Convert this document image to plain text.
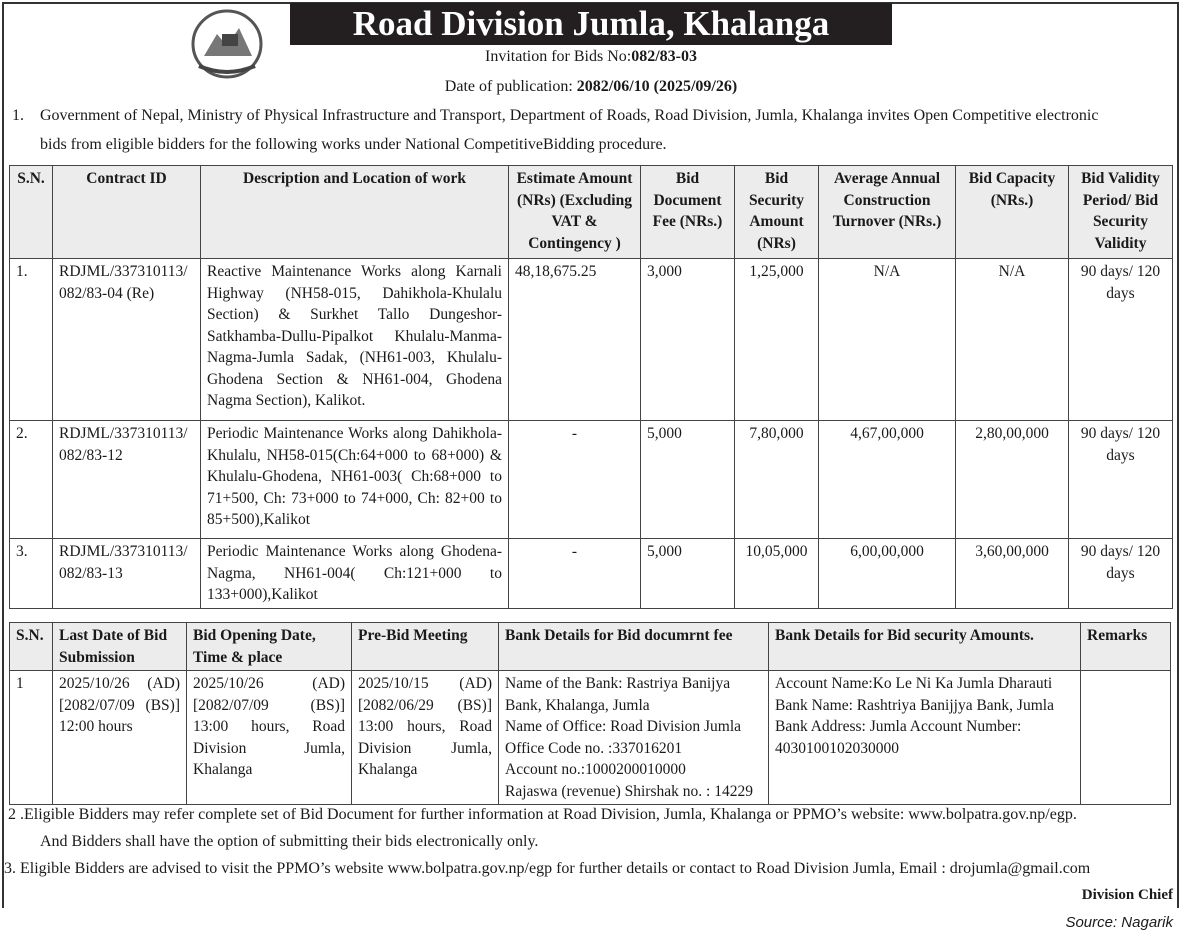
Road Division Jumla, Khalanga
Invitation for Bids No:082/83-03
Date of publication: 2082/06/10 (2025/09/26)
1. Government of Nepal, Ministry of Physical Infrastructure and Transport, Department of Roads, Road Division, Jumla, Khalanga invites Open Competitive electronic
bids from eligible bidders for the following works under National CompetitiveBidding procedure.
S.N.	Contract ID	Description and Location of work	Estimate Amount (NRs) (Excluding VAT & Contingency )	Bid Document Fee (NRs.)	Bid Security Amount (NRs)	Average Annual Construction Turnover (NRs.)	Bid Capacity (NRs.)	Bid Validity Period/ Bid Security Validity
1.	RDJML/337310113/ 082/83-04 (Re)	Reactive Maintenance Works along Karnali Highway (NH58-015, Dahikhola-Khulalu Section) & Surkhet Tallo Dungeshor-Satkhamba-Dullu-Pipalkot Khulalu-Manma-Nagma-Jumla Sadak, (NH61-003, Khulalu-Ghodena Section & NH61-004, Ghodena Nagma Section), Kalikot.	48,18,675.25	3,000	1,25,000	N/A	N/A	90 days/ 120 days
2.	RDJML/337310113/ 082/83-12	Periodic Maintenance Works along Dahikhola-Khulalu, NH58-015(Ch:64+000 to 68+000) & Khulalu-Ghodena, NH61-003( Ch:68+000 to 71+500, Ch: 73+000 to 74+000, Ch: 82+00 to 85+500),Kalikot	-	5,000	7,80,000	4,67,00,000	2,80,00,000	90 days/ 120 days
3.	RDJML/337310113/ 082/83-13	Periodic Maintenance Works along Ghodena-Nagma, NH61-004( Ch:121+000 to 133+000),Kalikot	-	5,000	10,05,000	6,00,00,000	3,60,00,000	90 days/ 120 days
S.N.	Last Date of Bid Submission	Bid Opening Date, Time & place	Pre-Bid Meeting	Bank Details for Bid documrnt fee	Bank Details for Bid security Amounts.	Remarks
1	2025/10/26 (AD) [2082/07/09 (BS)] 12:00 hours	2025/10/26 (AD) [2082/07/09 (BS)] 13:00 hours, Road Division Jumla, Khalanga	2025/10/15 (AD) [2082/06/29 (BS)] 13:00 hours, Road Division Jumla, Khalanga	Name of the Bank: Rastriya Banijya Bank, Khalanga, Jumla
Name of Office: Road Division Jumla
Office Code no. :337016201
Account no.:1000200010000
Rajaswa (revenue) Shirshak no. : 14229	Account Name:Ko Le Ni Ka Jumla Dharauti
Bank Name: Rashtriya Banijjya Bank, Jumla
Bank Address: Jumla Account Number: 4030100102030000	
2 .Eligible Bidders may refer complete set of Bid Document for further information at Road Division, Jumla, Khalanga or PPMO’s website: www.bolpatra.gov.np/egp.
And Bidders shall have the option of submitting their bids electronically only.
3. Eligible Bidders are advised to visit the PPMO’s website www.bolpatra.gov.np/egp for further details or contact to Road Division Jumla, Email : drojumla@gmail.com
Division Chief
Source: Nagarik
